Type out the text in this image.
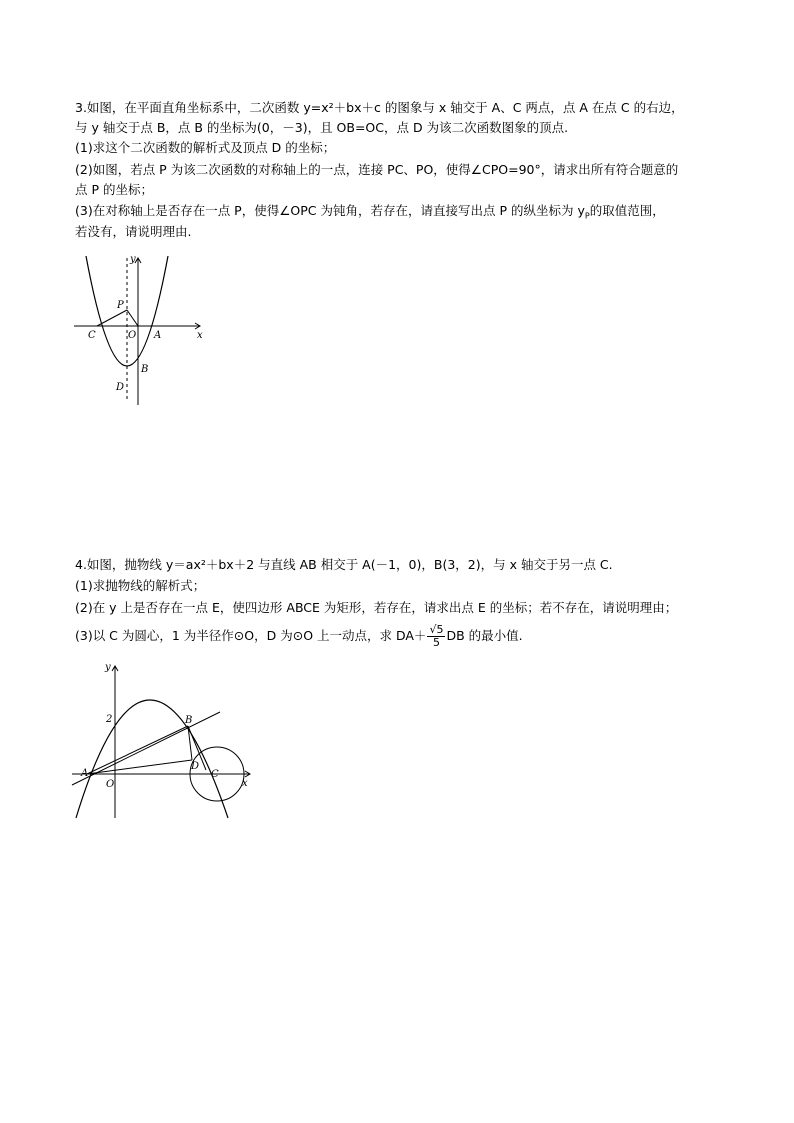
3.如图，在平面直角坐标系中，二次函数 y=x²＋bx＋c 的图象与 x 轴交于 A、C 两点，点 A 在点 C 的右边，
与 y 轴交于点 B，点 B 的坐标为(0，－3)，且 OB=OC，点 D 为该二次函数图象的顶点.
(1)求这个二次函数的解析式及顶点 D 的坐标；
(2)如图，若点 P 为该二次函数的对称轴上的一点，连接 PC、PO，使得∠CPO=90°，请求出所有符合题意的
点 P 的坐标；
(3)在对称轴上是否存在一点 P，使得∠OPC 为钝角，若存在，请直接写出点 P 的纵坐标为 $y_P$的取值范围，
若没有，请说明理由.
y
x
P
C	O A
B
D
4.如图，抛物线 y＝ax²＋bx＋2 与直线 AB 相交于 A(－1，0)，B(3，2)，与 x 轴交于另一点 C.
(1)求抛物线的解析式；
(2)在 y 上是否存在一点 E，使四边形 ABCE 为矩形，若存在，请求出点 E 的坐标；若不存在，请说明理由；
(3)以 C 为圆心，1 为半径作⊙O，D 为⊙O 上一动点，求 $DA+ \frac{√5}{5}$ DB 的最小值.
y
x
2
A
O
B
D
C
